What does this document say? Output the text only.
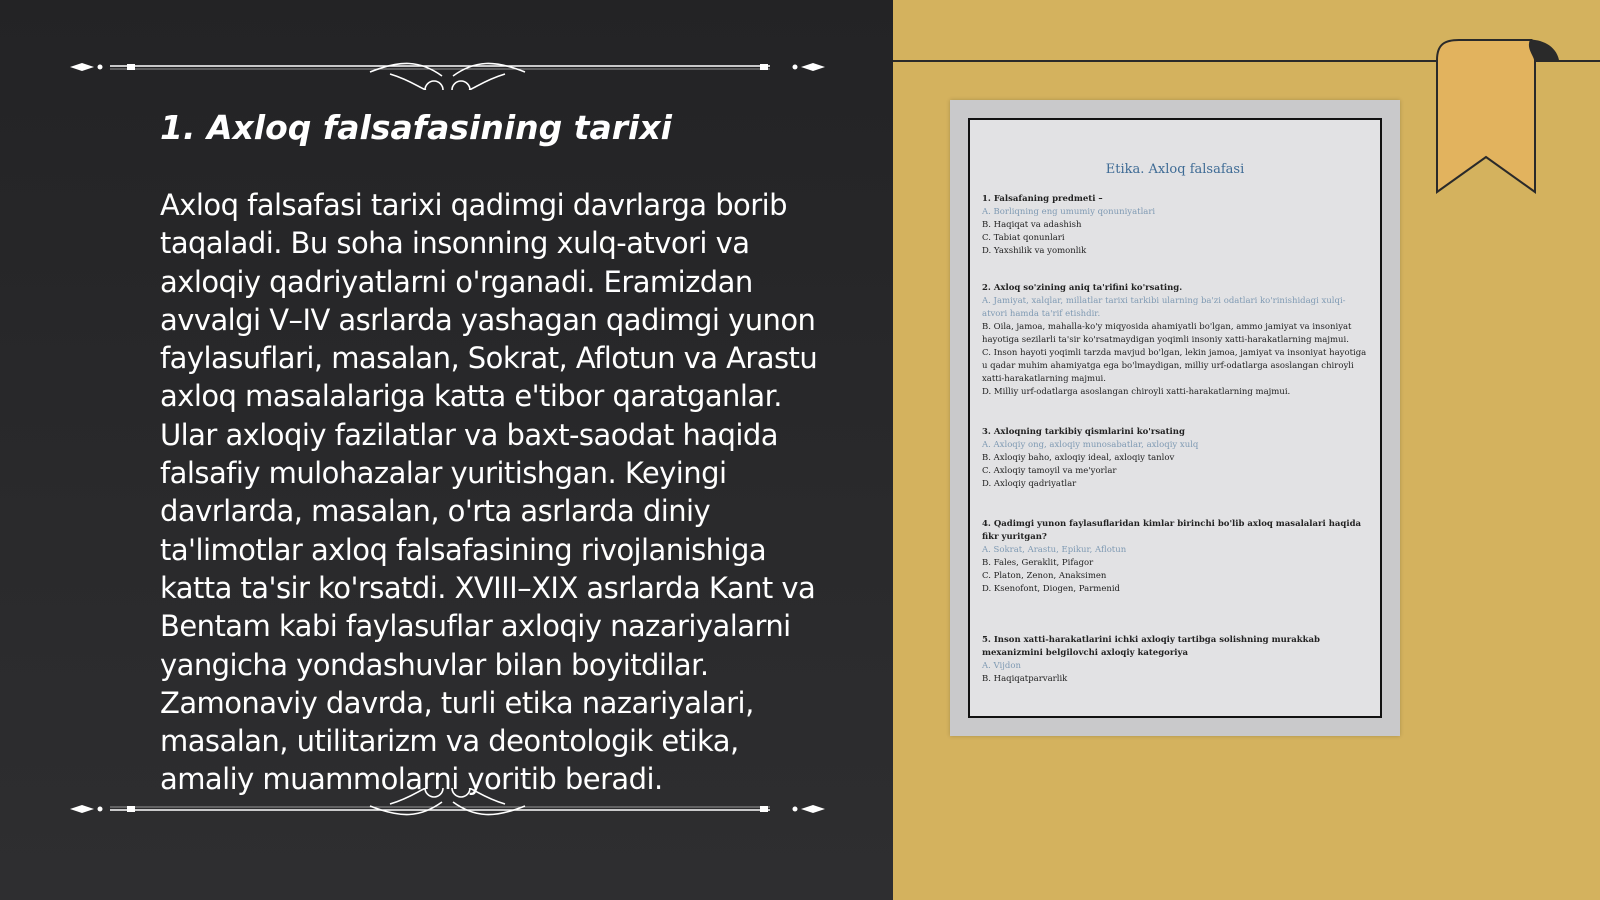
1. Axloq falsafasining tarixi

Axloq falsafasi tarixi qadimgi davrlarga borib taqaladi. Bu soha insonning xulq-atvori va axloqiy qadriyatlarni o'rganadi. Eramizdan avvalgi V–IV asrlarda yashagan qadimgi yunon faylasuflari, masalan, Sokrat, Aflotun va Arastu axloq masalalariga katta e'tibor qaratganlar. Ular axloqiy fazilatlar va baxt-saodat haqida falsafiy mulohazalar yuritishgan. Keyingi davrlarda, masalan, o'rta asrlarda diniy ta'limotlar axloq falsafasining rivojlanishiga katta ta'sir ko'rsatdi. XVIII–XIX asrlarda Kant va Bentam kabi faylasuflar axloqiy nazariyalarni yangicha yondashuvlar bilan boyitdilar. Zamonaviy davrda, turli etika nazariyalari, masalan, utilitarizm va deontologik etika, amaliy muammolarni yoritib beradi.

Etika. Axloq falsafasi

1. Falsafaning predmeti –

A. Borliqning eng umumiy qonuniyatlari

B. Haqiqat va adashish

C. Tabiat qonunlari

D. Yaxshilik va yomonlik

2. Axloq so'zining aniq ta'rifini ko'rsating.

A. Jamiyat, xalqlar, millatlar tarixi tarkibi ularning ba'zi odatlari ko'rinishidagi xulqi-atvori hamda ta'rif etishdir.

B. Oila, jamoa, mahalla-ko'y miqyosida ahamiyatli bo'lgan, ammo jamiyat va insoniyat hayotiga sezilarli ta'sir ko'rsatmaydigan yoqimli insoniy xatti-harakatlarning majmui.

C. Inson hayoti yoqimli tarzda mavjud bo'lgan, lekin jamoa, jamiyat va insoniyat hayotiga u qadar muhim ahamiyatga ega bo'lmaydigan, milliy urf-odatlarga asoslangan chiroyli xatti-harakatlarning majmui.

D. Milliy urf-odatlarga asoslangan chiroyli xatti-harakatlarning majmui.

3. Axloqning tarkibiy qismlarini ko'rsating

A. Axloqiy ong, axloqiy munosabatlar, axloqiy xulq

B. Axloqiy baho, axloqiy ideal, axloqiy tanlov

C. Axloqiy tamoyil va me'yorlar

D. Axloqiy qadriyatlar

4. Qadimgi yunon faylasuflaridan kimlar birinchi bo'lib axloq masalalari haqida fikr yuritgan?

A. Sokrat, Arastu, Epikur, Aflotun

B. Fales, Geraklit, Pifagor

C. Platon, Zenon, Anaksimen

D. Ksenofont, Diogen, Parmenid

5. Inson xatti-harakatlarini ichki axloqiy tartibga solishning murakkab mexanizmini belgilovchi axloqiy kategoriya

A. Vijdon

B. Haqiqatparvarlik
